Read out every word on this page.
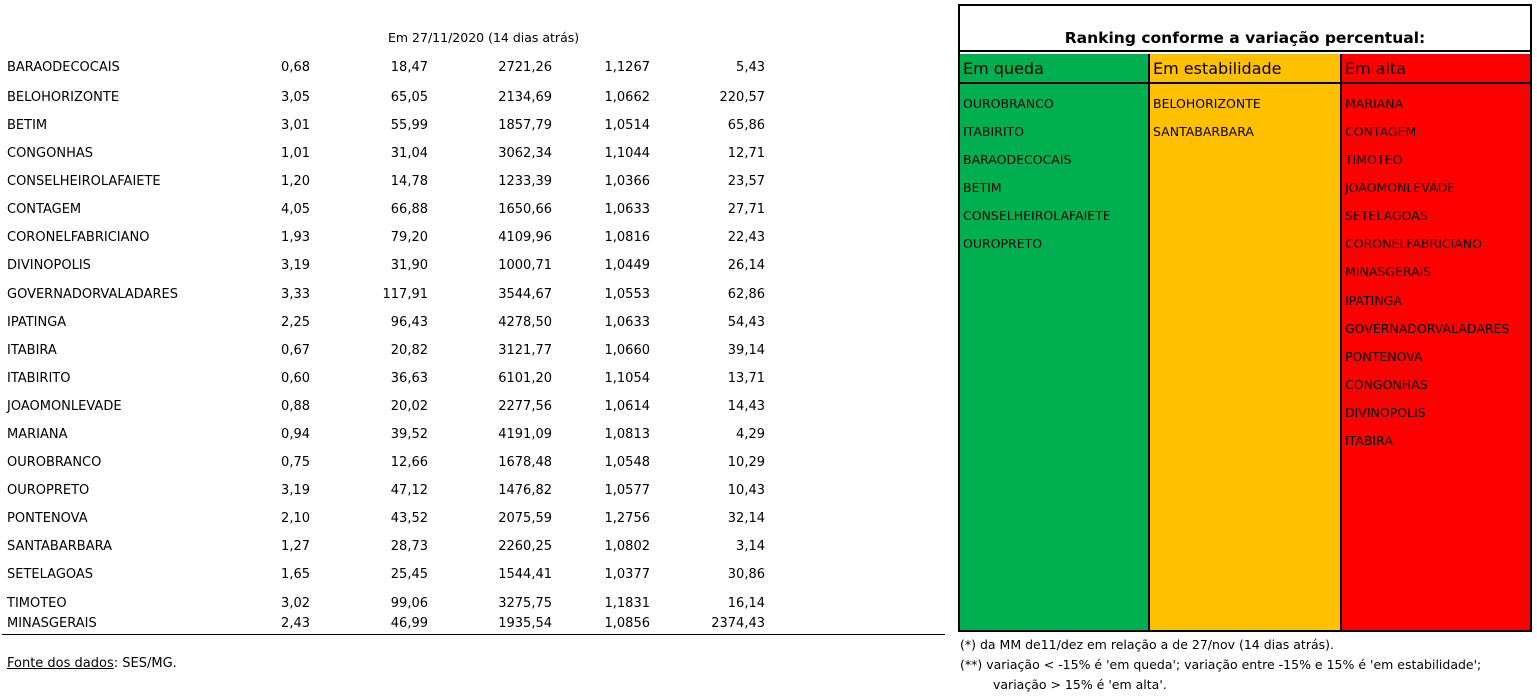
Em 27/11/2020 (14 dias atrás)
BARAODECOCAIS	0,68	18,47	2721,26	1,1267	5,43
BELOHORIZONTE	3,05	65,05	2134,69	1,0662	220,57
BETIM	3,01	55,99	1857,79	1,0514	65,86
CONGONHAS	1,01	31,04	3062,34	1,1044	12,71
CONSELHEIROLAFAIETE	1,20	14,78	1233,39	1,0366	23,57
CONTAGEM	4,05	66,88	1650,66	1,0633	27,71
CORONELFABRICIANO	1,93	79,20	4109,96	1,0816	22,43
DIVINOPOLIS	3,19	31,90	1000,71	1,0449	26,14
GOVERNADORVALADARES	3,33	117,91	3544,67	1,0553	62,86
IPATINGA	2,25	96,43	4278,50	1,0633	54,43
ITABIRA	0,67	20,82	3121,77	1,0660	39,14
ITABIRITO	0,60	36,63	6101,20	1,1054	13,71
JOAOMONLEVADE	0,88	20,02	2277,56	1,0614	14,43
MARIANA	0,94	39,52	4191,09	1,0813	4,29
OUROBRANCO	0,75	12,66	1678,48	1,0548	10,29
OUROPRETO	3,19	47,12	1476,82	1,0577	10,43
PONTENOVA	2,10	43,52	2075,59	1,2756	32,14
SANTABARBARA	1,27	28,73	2260,25	1,0802	3,14
SETELAGOAS	1,65	25,45	1544,41	1,0377	30,86
TIMOTEO	3,02	99,06	3275,75	1,1831	16,14
MINASGERAIS	2,43	46,99	1935,54	1,0856	2374,43
Fonte dos dados: SES/MG.
(*) da MM de11/dez em relação a de 27/nov (14 dias atrás).
(**) variação < -15% é 'em queda'; variação entre -15% e 15% é 'em estabilidade';
variação > 15% é 'em alta'.
Ranking conforme a variação percentual:
Em queda
OUROBRANCO
ITABIRITO
BARAODECOCAIS
BETIM
CONSELHEIROLAFAIETE
OUROPRETO
Em estabilidade
BELOHORIZONTE
SANTABARBARA
Em alta
MARIANA
CONTAGEM
TIMOTEO
JOAOMONLEVADE
SETELAGOAS
CORONELFABRICIANO
MINASGERAIS
IPATINGA
GOVERNADORVALADARES
PONTENOVA
CONGONHAS
DIVINOPOLIS
ITABIRA
